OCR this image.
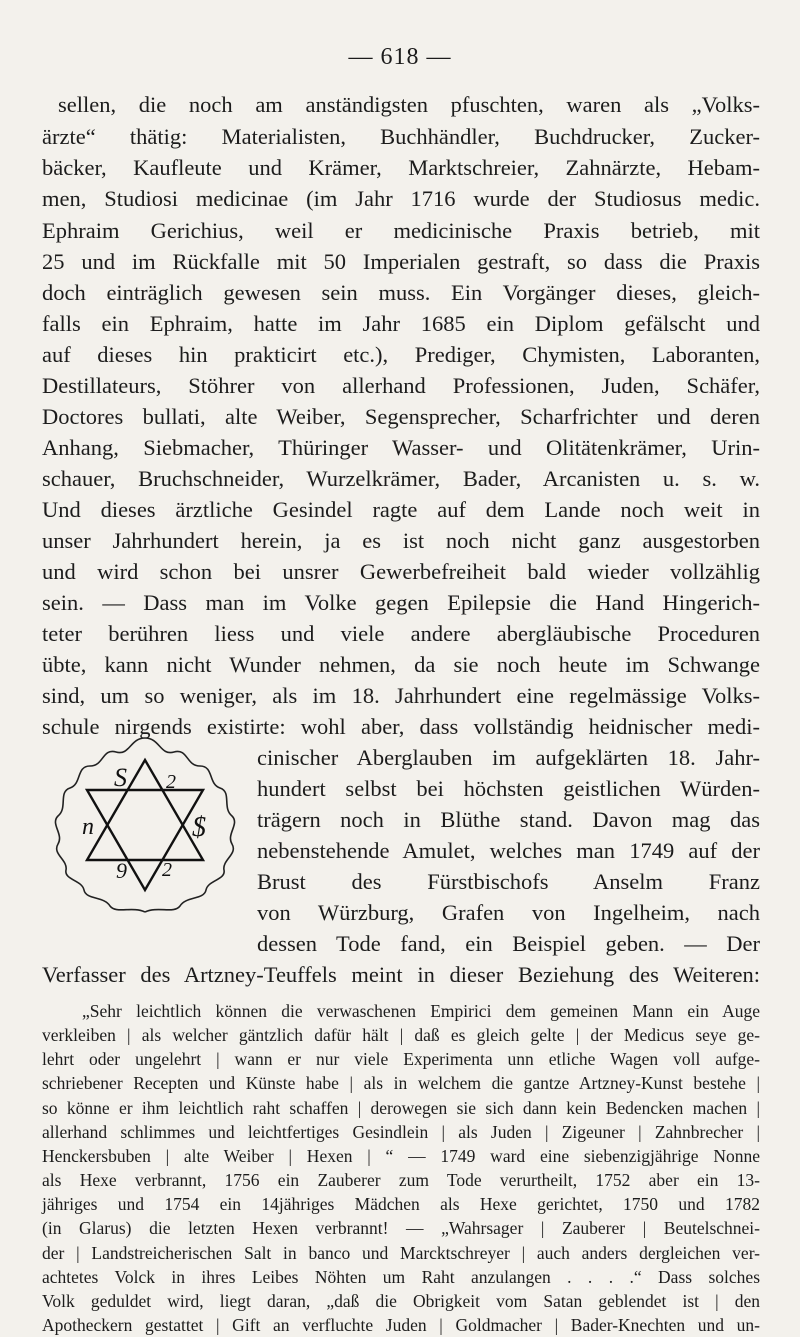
— 618 —
sellen, die noch am anständigsten pfuschten, waren als „Volks-
ärzte“ thätig: Materialisten, Buchhändler, Buchdrucker, Zucker-
bäcker, Kaufleute und Krämer, Marktschreier, Zahnärzte, Hebam-
men, Studiosi medicinae (im Jahr 1716 wurde der Studiosus medic.
Ephraim Gerichius, weil er medicinische Praxis betrieb, mit
25 und im Rückfalle mit 50 Imperialen gestraft, so dass die Praxis
doch einträglich gewesen sein muss. Ein Vorgänger dieses, gleich-
falls ein Ephraim, hatte im Jahr 1685 ein Diplom gefälscht und
auf dieses hin prakticirt etc.), Prediger, Chymisten, Laboranten,
Destillateurs, Stöhrer von allerhand Professionen, Juden, Schäfer,
Doctores bullati, alte Weiber, Segensprecher, Scharfrichter und deren
Anhang, Siebmacher, Thüringer Wasser- und Olitätenkrämer, Urin-
schauer, Bruchschneider, Wurzelkrämer, Bader, Arcanisten u. s. w.
Und dieses ärztliche Gesindel ragte auf dem Lande noch weit in
unser Jahrhundert herein, ja es ist noch nicht ganz ausgestorben
und wird schon bei unsrer Gewerbefreiheit bald wieder vollzählig
sein. — Dass man im Volke gegen Epilepsie die Hand Hingerich-
teter berühren liess und viele andere abergläubische Proceduren
übte, kann nicht Wunder nehmen, da sie noch heute im Schwange
sind, um so weniger, als im 18. Jahrhundert eine regelmässige Volks-
schule nirgends existirte: wohl aber, dass vollständig heidnischer medi-
S 2
n	$
9 2
cinischer Aberglauben im aufgeklärten 18. Jahr-
hundert selbst bei höchsten geistlichen Würden-
trägern noch in Blüthe stand. Davon mag das
nebenstehende Amulet, welches man 1749 auf der
Brust des Fürstbischofs Anselm Franz
von Würzburg, Grafen von Ingelheim, nach
dessen Tode fand, ein Beispiel geben. — Der
Verfasser des Artzney-Teuffels meint in dieser Beziehung des Weiteren:
„Sehr leichtlich können die verwaschenen Empirici dem gemeinen Mann ein Auge
verkleiben | als welcher gäntzlich dafür hält | daß es gleich gelte | der Medicus seye ge-
lehrt oder ungelehrt | wann er nur viele Experimenta unn etliche Wagen voll aufge-
schriebener Recepten und Künste habe | als in welchem die gantze Artzney-Kunst bestehe |
so könne er ihm leichtlich raht schaffen | derowegen sie sich dann kein Bedencken machen |
allerhand schlimmes und leichtfertiges Gesindlein | als Juden | Zigeuner | Zahnbrecher |
Henckersbuben | alte Weiber | Hexen | “ — 1749 ward eine siebenzigjährige Nonne
als Hexe verbrannt, 1756 ein Zauberer zum Tode verurtheilt, 1752 aber ein 13-
jähriges und 1754 ein 14jähriges Mädchen als Hexe gerichtet, 1750 und 1782
(in Glarus) die letzten Hexen verbrannt! — „Wahrsager | Zauberer | Beutelschnei-
der | Landstreicherischen Salt in banco und Marcktschreyer | auch anders dergleichen ver-
achtetes Volck in ihres Leibes Nöhten um Raht anzulangen . . . .“ Dass solches
Volk geduldet wird, liegt daran, „daß die Obrigkeit vom Satan geblendet ist | den
Apotheckern gestattet | Gift an verfluchte Juden | Goldmacher | Bader-Knechten und un-
